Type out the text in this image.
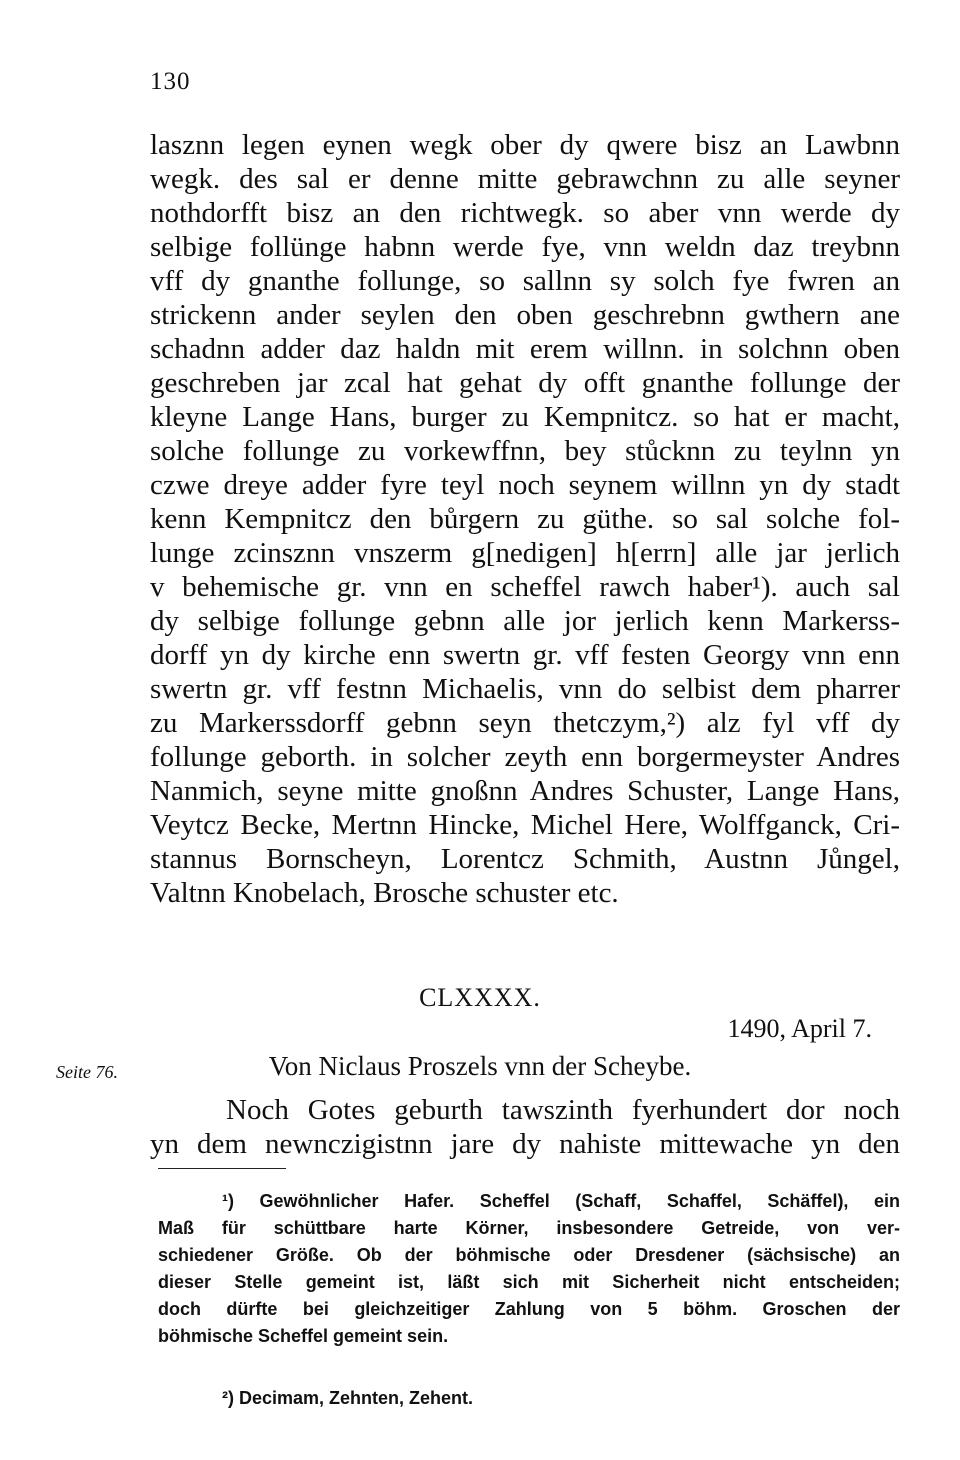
130
lasznn legen eynen wegk ober dy qwere bisz an Lawbnn
wegk. des sal er denne mitte gebrawchnn zu alle seyner
nothdorfft bisz an den richtwegk. so aber vnn werde dy
selbige follünge habnn werde fye, vnn weldn daz treybnn
vff dy gnanthe follunge, so sallnn sy solch fye fwren an
strickenn ander seylen den oben geschrebnn gwthern ane
schadnn adder daz haldn mit erem willnn. in solchnn oben
geschreben jar zcal hat gehat dy offt gnanthe follunge der
kleyne Lange Hans, burger zu Kempnitcz. so hat er macht,
solche follunge zu vorkewffnn, bey stůcknn zu teylnn yn
czwe dreye adder fyre teyl noch seynem willnn yn dy stadt
kenn Kempnitcz den bůrgern zu güthe. so sal solche fol-
lunge zcinsznn vnszerm g[nedigen] h[errn] alle jar jerlich
v behemische gr. vnn en scheffel rawch haber¹). auch sal
dy selbige follunge gebnn alle jor jerlich kenn Markerss-
dorff yn dy kirche enn swertn gr. vff festen Georgy vnn enn
swertn gr. vff festnn Michaelis, vnn do selbist dem pharrer
zu Markerssdorff gebnn seyn thetczym,²) alz fyl vff dy
follunge geborth. in solcher zeyth enn borgermeyster Andres
Nanmich, seyne mitte gnoßnn Andres Schuster, Lange Hans,
Veytcz Becke, Mertnn Hincke, Michel Here, Wolffganck, Cri-
stannus Bornscheyn, Lorentcz Schmith, Austnn Jůngel,
Valtnn Knobelach, Brosche schuster etc.
CLXXXX.
1490, April 7.
Seite 76.	Von Niclaus Proszels vnn der Scheybe.
Noch Gotes geburth tawszinth fyerhundert dor noch
yn dem newnczigistnn jare dy nahiste mittewache yn den
¹) Gewöhnlicher Hafer. Scheffel (Schaff, Schaffel, Schäffel), ein
Maß für schüttbare harte Körner, insbesondere Getreide, von ver-
schiedener Größe. Ob der böhmische oder Dresdener (sächsische) an
dieser Stelle gemeint ist, läßt sich mit Sicherheit nicht entscheiden;
doch dürfte bei gleichzeitiger Zahlung von 5 böhm. Groschen der
böhmische Scheffel gemeint sein.
²) Decimam, Zehnten, Zehent.
